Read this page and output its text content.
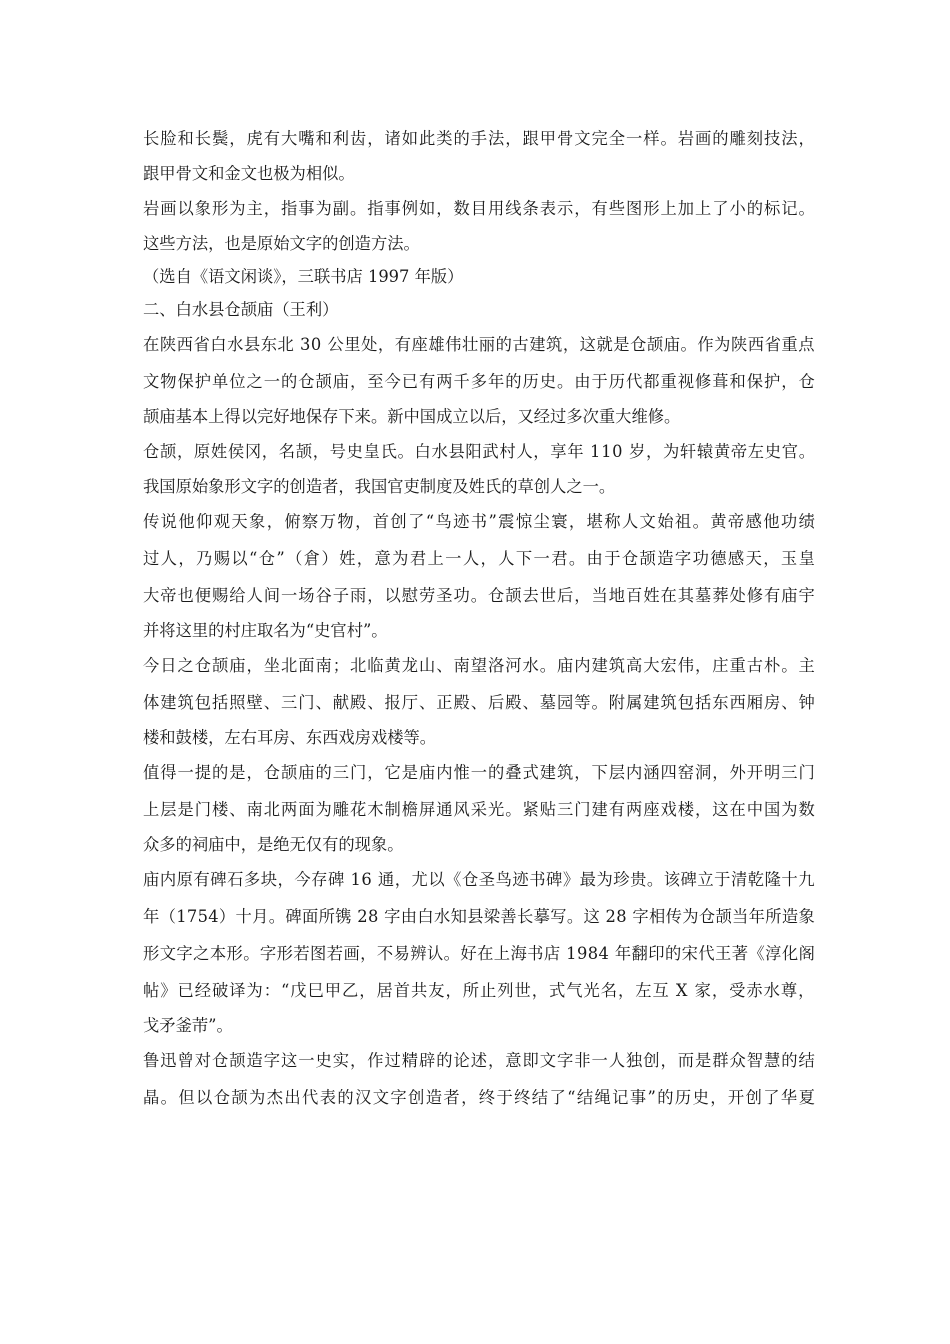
长 脸 和 长 鬓 ， 虎 有 大 嘴 和 利 齿 ， 诸 如 此 类 的 手 法 ， 跟 甲 骨 文 完 全 一 样 。 岩 画 的 雕 刻 技 法 ，
跟甲骨文和金文也极为相似。
岩 画 以 象 形 为 主 ， 指 事 为 副 。 指 事 例 如 ， 数 目 用 线 条 表 示 ， 有 些 图 形 上 加 上 了 小 的 标 记 。
这些方法，也是原始文字的创造方法。
（选自《语文闲谈》，三联书店 1997 年版）
二、白水县仓颉庙（王利）
在 陕 西 省 白 水 县 东 北
3 0
公 里 处 ， 有 座 雄 伟 壮 丽 的 古 建 筑 ， 这 就 是 仓 颉 庙 。 作 为 陕 西 省 重 点
文 物 保 护 单 位 之 一 的 仓 颉 庙 ， 至 今 已 有 两 千 多 年 的 历 史 。 由 于 历 代 都 重 视 修 葺 和 保 护 ， 仓
颉庙基本上得以完好地保存下来。新中国成立以后，又经过多次重大维修。
仓 颉 ， 原 姓 侯 冈 ， 名 颉 ， 号 史 皇 氏 。 白 水 县 阳 武 村 人 ， 享 年
1 1 0
岁 ， 为 轩 辕 黄 帝 左 史 官 。
我国原始象形文字的创造者，我国官吏制度及姓氏的草创人之一。
传 说 他 仰 观 天 象 ， 俯 察 万 物 ， 首 创 了 “ 鸟 迹 书 ” 震 惊 尘 寰 ， 堪 称 人 文 始 祖 。 黄 帝 感 他 功 绩
过 人 ， 乃 赐 以 “ 仓 ” （ 倉 ） 姓 ， 意 为 君 上 一 人 ， 人 下 一 君 。 由 于 仓 颉 造 字 功 德 感 天 ， 玉 皇
大 帝 也 便 赐 给 人 间 一 场 谷 子 雨 ， 以 慰 劳 圣 功 。 仓 颉 去 世 后 ， 当 地 百 姓 在 其 墓 葬 处 修 有 庙 宇
并将这里的村庄取名为“史官村”。
今 日 之 仓 颉 庙 ， 坐 北 面 南 ； 北 临 黄 龙 山 、 南 望 洛 河 水 。 庙 内 建 筑 高 大 宏 伟 ， 庄 重 古 朴 。 主
体 建 筑 包 括 照 壁 、 三 门 、 献 殿 、 报 厅 、 正 殿 、 后 殿 、 墓 园 等 。 附 属 建 筑 包 括 东 西 厢 房 、 钟
楼和鼓楼，左右耳房、东西戏房戏楼等。
值 得 一 提 的 是 ， 仓 颉 庙 的 三 门 ， 它 是 庙 内 惟 一 的 叠 式 建 筑 ， 下 层 内 涵 四 窑 洞 ， 外 开 明 三 门
上 层 是 门 楼 、 南 北 两 面 为 雕 花 木 制 檐 屏 通 风 采 光 。 紧 贴 三 门 建 有 两 座 戏 楼 ， 这 在 中 国 为 数
众多的祠庙中，是绝无仅有的现象。
庙 内 原 有 碑 石 多 块 ， 今 存 碑
1 6
通 ， 尤 以 《 仓 圣 鸟 迹 书 碑 》 最 为 珍 贵 。 该 碑 立 于 清 乾 隆 十 九
年 （ 1 7 5 4 ） 十 月 。 碑 面 所 镌
2 8
字 由 白 水 知 县 梁 善 长 摹 写 。 这
2 8
字 相 传 为 仓 颉 当 年 所 造 象
形 文 字 之 本 形 。 字 形 若 图 若 画 ， 不 易 辨 认 。 好 在 上 海 书 店
1 9 8 4
年 翻 印 的 宋 代 王 著 《 淳 化 阁
帖 》 已 经 破 译 为 ： “ 戊 巳 甲 乙 ， 居 首 共 友 ， 所 止 列 世 ， 式 气 光 名 ， 左 互
X
家 ， 受 赤 水 尊 ，
戈矛釜芾”。
鲁 迅 曾 对 仓 颉 造 字 这 一 史 实 ， 作 过 精 辟 的 论 述 ， 意 即 文 字 非 一 人 独 创 ， 而 是 群 众 智 慧 的 结
晶 。 但 以 仓 颉 为 杰 出 代 表 的 汉 文 字 创 造 者 ， 终 于 终 结 了 “ 结 绳 记 事 ” 的 历 史 ， 开 创 了 华 夏
